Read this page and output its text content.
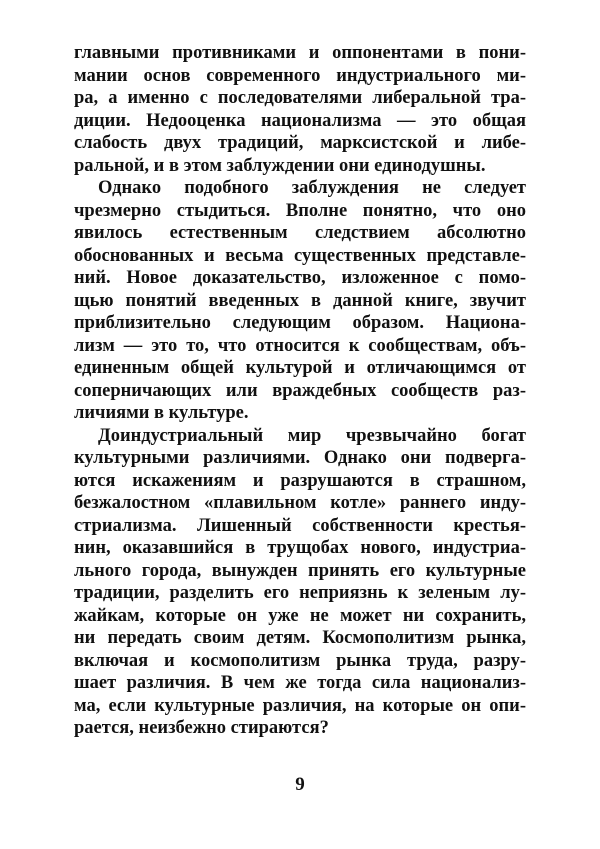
главными противниками и оппонентами в пони-
мании основ современного индустриального ми-
ра, а именно с последователями либеральной тра-
диции. Недооценка национализма — это общая
слабость двух традиций, марксистской и либе-
ральной, и в этом заблуждении они единодушны.
Однако подобного заблуждения не следует
чрезмерно стыдиться. Вполне понятно, что оно
явилось естественным следствием абсолютно
обоснованных и весьма существенных представле-
ний. Новое доказательство, изложенное с помо-
щью понятий введенных в данной книге, звучит
приблизительно следующим образом. Национа-
лизм — это то, что относится к сообществам, объ-
единенным общей культурой и отличающимся от
соперничающих или враждебных сообществ раз-
личиями в культуре.
Доиндустриальный мир чрезвычайно богат
культурными различиями. Однако они подверга-
ются искажениям и разрушаются в страшном,
безжалостном «плавильном котле» раннего инду-
стриализма. Лишенный собственности крестья-
нин, оказавшийся в трущобах нового, индустриа-
льного города, вынужден принять его культурные
традиции, разделить его неприязнь к зеленым лу-
жайкам, которые он уже не может ни сохранить,
ни передать своим детям. Космополитизм рынка,
включая и космополитизм рынка труда, разру-
шает различия. В чем же тогда сила национализ-
ма, если культурные различия, на которые он опи-
рается, неизбежно стираются?
9
